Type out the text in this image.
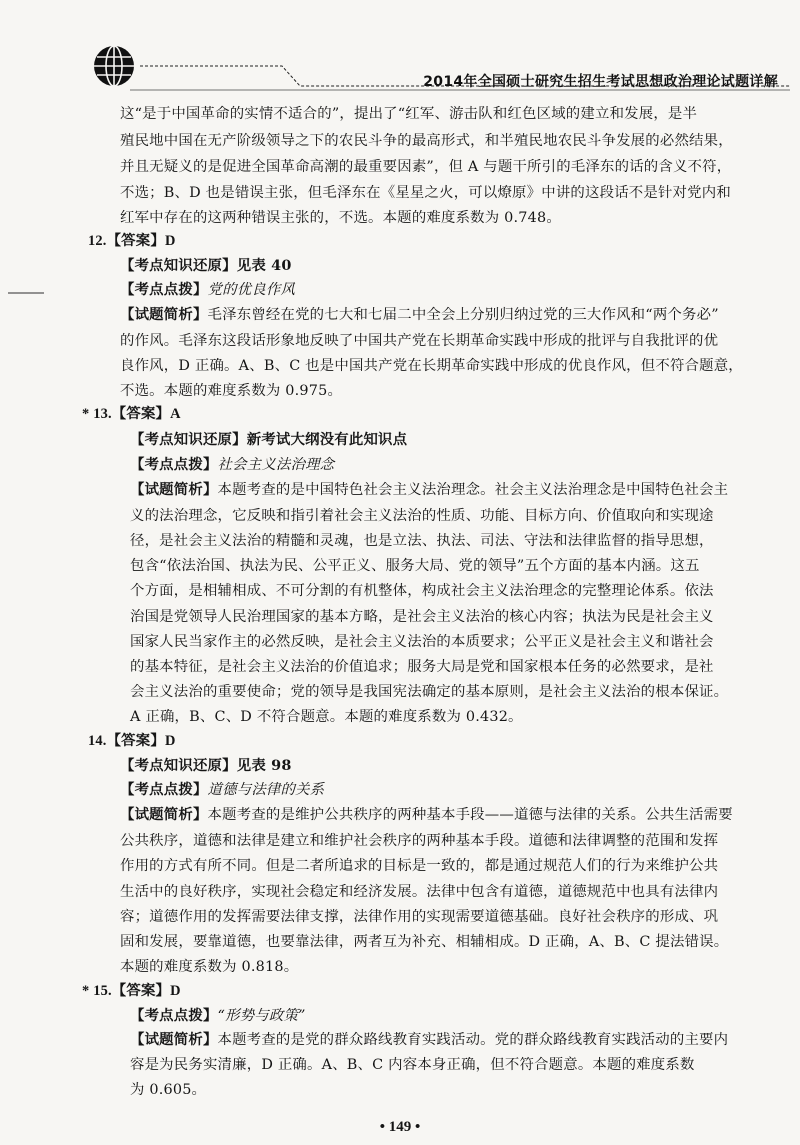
2014年全国硕士研究生招生考试思想政治理论试题详解
这“是于中国革命的实情不适合的”，提出了“红军、游击队和红色区域的建立和发展，是半
殖民地中国在无产阶级领导之下的农民斗争的最高形式，和半殖民地农民斗争发展的必然结果，
并且无疑义的是促进全国革命高潮的最重要因素”，但 A 与题干所引的毛泽东的话的含义不符，
不选；B、D 也是错误主张，但毛泽东在《星星之火，可以燎原》中讲的这段话不是针对党内和
红军中存在的这两种错误主张的，不选。本题的难度系数为 0.748。
12.【答案】D
【考点知识还原】见表 40
【考点点拨】党的优良作风
【试题简析】毛泽东曾经在党的七大和七届二中全会上分别归纳过党的三大作风和“两个务必”
的作风。毛泽东这段话形象地反映了中国共产党在长期革命实践中形成的批评与自我批评的优
良作风，D 正确。A、B、C 也是中国共产党在长期革命实践中形成的优良作风，但不符合题意，
不选。本题的难度系数为 0.975。
* 13.【答案】A
【考点知识还原】新考试大纲没有此知识点
【考点点拨】社会主义法治理念
【试题简析】本题考查的是中国特色社会主义法治理念。社会主义法治理念是中国特色社会主
义的法治理念，它反映和指引着社会主义法治的性质、功能、目标方向、价值取向和实现途
径，是社会主义法治的精髓和灵魂，也是立法、执法、司法、守法和法律监督的指导思想，
包含“依法治国、执法为民、公平正义、服务大局、党的领导”五个方面的基本内涵。这五
个方面，是相辅相成、不可分割的有机整体，构成社会主义法治理念的完整理论体系。依法
治国是党领导人民治理国家的基本方略，是社会主义法治的核心内容；执法为民是社会主义
国家人民当家作主的必然反映，是社会主义法治的本质要求；公平正义是社会主义和谐社会
的基本特征，是社会主义法治的价值追求；服务大局是党和国家根本任务的必然要求，是社
会主义法治的重要使命；党的领导是我国宪法确定的基本原则，是社会主义法治的根本保证。
A 正确，B、C、D 不符合题意。本题的难度系数为 0.432。
14.【答案】D
【考点知识还原】见表 98
【考点点拨】道德与法律的关系
【试题简析】本题考查的是维护公共秩序的两种基本手段——道德与法律的关系。公共生活需要
公共秩序，道德和法律是建立和维护社会秩序的两种基本手段。道德和法律调整的范围和发挥
作用的方式有所不同。但是二者所追求的目标是一致的，都是通过规范人们的行为来维护公共
生活中的良好秩序，实现社会稳定和经济发展。法律中包含有道德，道德规范中也具有法律内
容；道德作用的发挥需要法律支撑，法律作用的实现需要道德基础。良好社会秩序的形成、巩
固和发展，要靠道德，也要靠法律，两者互为补充、相辅相成。D 正确，A、B、C 提法错误。
本题的难度系数为 0.818。
* 15.【答案】D
【考点点拨】“形势与政策”
【试题简析】本题考查的是党的群众路线教育实践活动。党的群众路线教育实践活动的主要内
容是为民务实清廉，D 正确。A、B、C 内容本身正确，但不符合题意。本题的难度系数
为 0.605。
• 149 •
